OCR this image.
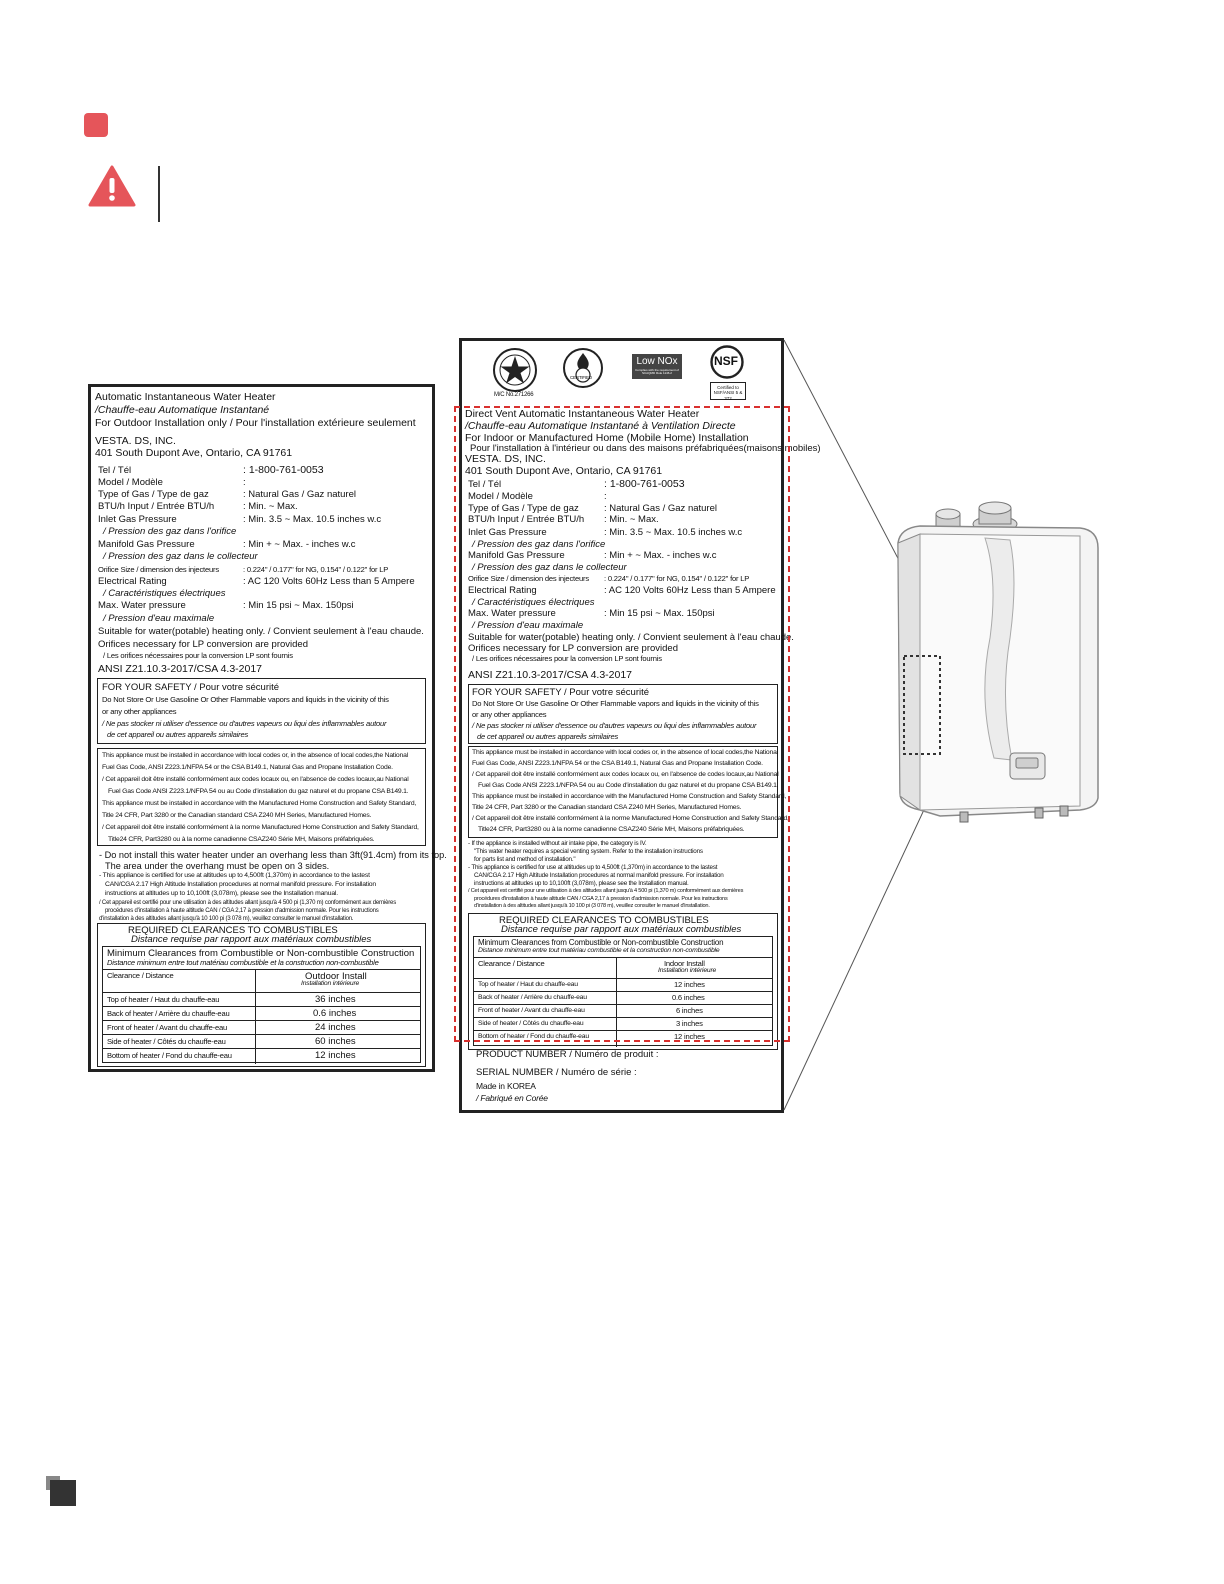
Automatic Instantaneous Water Heater
/Chauffe-eau Automatique Instantané
For Outdoor Installation only / Pour l'installation extérieure seulement
VESTA. DS, INC.
401 South Dupont Ave, Ontario, CA 91761
Tel / Tél	: 1-800-761-0053
Model / Modèle	:
Type of Gas / Type de gaz	: Natural Gas / Gaz naturel
BTU/h Input / Entrée BTU/h	: Min. ~ Max.
Inlet Gas Pressure	: Min. 3.5 ~ Max. 10.5 inches w.c
/ Pression des gaz dans l'orifice
Manifold Gas Pressure	: Min + ~ Max. - inches w.c
/ Pression des gaz dans le collecteur
Orifice Size / dimension des injecteurs	: 0.224" / 0.177" for NG, 0.154" / 0.122" for LP
Electrical Rating	: AC 120 Volts 60Hz Less than 5 Ampere
/ Caractéristiques électriques
Max. Water pressure	: Min 15 psi ~ Max. 150psi
/ Pression d'eau maximale
Suitable for water(potable) heating only. / Convient seulement à l'eau chaude.
Orifices necessary for LP conversion are provided
/ Les orifices nécessaires pour la conversion LP sont fournis
ANSI Z21.10.3-2017/CSA 4.3-2017
FOR YOUR SAFETY / Pour votre sécurité
Do Not Store Or Use Gasoline Or Other Flammable vapors and liquids in the vicinity of this
or any other appliances
/ Ne pas stocker ni utiliser d'essence ou d'autres vapeurs ou liqui des inflammables autour
de cet appareil ou autres appareils similaires
This appliance must be installed in accordance with local codes or, in the absence of local codes,the National
Fuel Gas Code, ANSI Z223.1/NFPA 54 or the CSA B149.1, Natural Gas and Propane Installation Code.
/ Cet appareil doit être installé conformément aux codes locaux ou, en l'absence de codes locaux,au National
Fuel Gas Code ANSI Z223.1/NFPA 54 ou au Code d'installation du gaz naturel et du propane CSA B149.1.
This appliance must be installed in accordance with the Manufactured Home Construction and Safety Standard,
Title 24 CFR, Part 3280 or the Canadian standard CSA Z240 MH Series, Manufactured Homes.
/ Cet appareil doit être installé conformément à la norme Manufactured Home Construction and Safety Standard,
Title24 CFR, Part3280 ou à la norme canadienne CSAZ240 Série MH, Maisons préfabriquées.
- Do not install this water heater under an overhang less than 3ft(91.4cm) from its top.
The area under the overhang must be open on 3 sides.
- This appliance is certified for use at altitudes up to 4,500ft (1,370m) in accordance to the lastest
CAN/CGA 2.17 High Altitude Installation procedures at normal manifold pressure. For installation
instructions at altitudes up to 10,100ft (3,078m), please see the Installation manual.
/ Cet appareil est certifié pour une utilisation à des altitudes allant jusqu'à 4 500 pi (1,370 m) conformément aux dernières
procédures d'installation à haute altitude CAN / CGA 2,17 à pression d'admission normale. Pour les instructions
d'installation à des altitudes allant jusqu'à 10 100 pi (3 078 m), veuillez consulter le manuel d'installation.
REQUIRED CLEARANCES TO COMBUSTIBLES
Distance requise par rapport aux matériaux combustibles
Minimum Clearances from Combustible or Non-combustible Construction
Distance minimum entre tout matériau combustible et la construction non-combustible
Clearance / Distance	Outdoor Install
Installation intérieure
Top of heater / Haut du chauffe-eau	36 inches
Back of heater / Arrière du chauffe-eau	0.6 inches
Front of heater / Avant du chauffe-eau	24 inches
Side of heater / Côtés du chauffe-eau	60 inches
Bottom of heater / Fond du chauffe-eau	12 inches
M/C No.271266
CERTIFIED
Low NOx
Complies with the requirement of SCAQMD Rule 1146.2
NSF
Certified to NSF/ANSI 5 & 372
Direct Vent Automatic Instantaneous Water Heater
/Chauffe-eau Automatique Instantané à Ventilation Directe
For Indoor or Manufactured Home (Mobile Home) Installation
Pour l'installation à l'intérieur ou dans des maisons préfabriquées(maisons mobiles)
VESTA. DS, INC.
401 South Dupont Ave, Ontario, CA 91761
Tel / Tél	: 1-800-761-0053
Model / Modèle	:
Type of Gas / Type de gaz	: Natural Gas / Gaz naturel
BTU/h Input / Entrée BTU/h : Min. ~ Max.
Inlet Gas Pressure	: Min. 3.5 ~ Max. 10.5 inches w.c
/ Pression des gaz dans l'orifice
Manifold Gas Pressure	: Min + ~ Max. - inches w.c
/ Pression des gaz dans le collecteur
Orifice Size / dimension des injecteurs : 0.224" / 0.177" for NG, 0.154" / 0.122" for LP
Electrical Rating	: AC 120 Volts 60Hz Less than 5 Ampere
/ Caractéristiques électriques
Max. Water pressure	: Min 15 psi ~ Max. 150psi
/ Pression d'eau maximale
Suitable for water(potable) heating only. / Convient seulement à l'eau chaude.
Orifices necessary for LP conversion are provided
/ Les orifices nécessaires pour la conversion LP sont fournis
ANSI Z21.10.3-2017/CSA 4.3-2017
FOR YOUR SAFETY / Pour votre sécurité
Do Not Store Or Use Gasoline Or Other Flammable vapors and liquids in the vicinity of this
or any other appliances
/ Ne pas stocker ni utiliser d'essence ou d'autres vapeurs ou liqui des inflammables autour
de cet appareil ou autres appareils similaires
This appliance must be installed in accordance with local codes or, in the absence of local codes,the National
Fuel Gas Code, ANSI Z223.1/NFPA 54 or the CSA B149.1, Natural Gas and Propane Installation Code.
/ Cet appareil doit être installé conformément aux codes locaux ou, en l'absence de codes locaux,au National
Fuel Gas Code ANSI Z223.1/NFPA 54 ou au Code d'installation du gaz naturel et du propane CSA B149.1.
This appliance must be installed in accordance with the Manufactured Home Construction and Safety Standard,
Title 24 CFR, Part 3280 or the Canadian standard CSA Z240 MH Series, Manufactured Homes.
/ Cet appareil doit être installé conformément à la norme Manufactured Home Construction and Safety Standard,
Title24 CFR, Part3280 ou à la norme canadienne CSAZ240 Série MH, Maisons préfabriquées.
- If the appliance is installed without air intake pipe, the category is IV.
"This water heater requires a special venting system. Refer to the installation instructions
for parts list and method of installation."
- This appliance is certified for use at altitudes up to 4,500ft (1,370m) in accordance to the lastest
CAN/CGA 2.17 High Altitude Installation procedures at normal manifold pressure. For installation
instructions at altitudes up to 10,100ft (3,078m), please see the Installation manual.
/ Cet appareil est certifié pour une utilisation à des altitudes allant jusqu'à 4 500 pi (1,370 m) conformément aux dernières
procédures d'installation à haute altitude CAN / CGA 2,17 à pression d'admission normale. Pour les instructions
d'installation à des altitudes allant jusqu'à 10 100 pi (3 078 m), veuillez consulter le manuel d'installation.
REQUIRED CLEARANCES TO COMBUSTIBLES
Distance requise par rapport aux matériaux combustibles
Minimum Clearances from Combustible or Non-combustible Construction
Distance minimum entre tout matériau combustible et la construction non-combustible
Clearance / Distance	Indoor Install
Installation intérieure
Top of heater / Haut du chauffe-eau	12 inches
Back of heater / Arrière du chauffe-eau	0.6 inches
Front of heater / Avant du chauffe-eau	6 inches
Side of heater / Côtés du chauffe-eau	3 inches
Bottom of heater / Fond du chauffe-eau	12 inches
PRODUCT NUMBER / Numéro de produit :
SERIAL NUMBER / Numéro de série :
Made in KOREA
/ Fabriqué en Corée
